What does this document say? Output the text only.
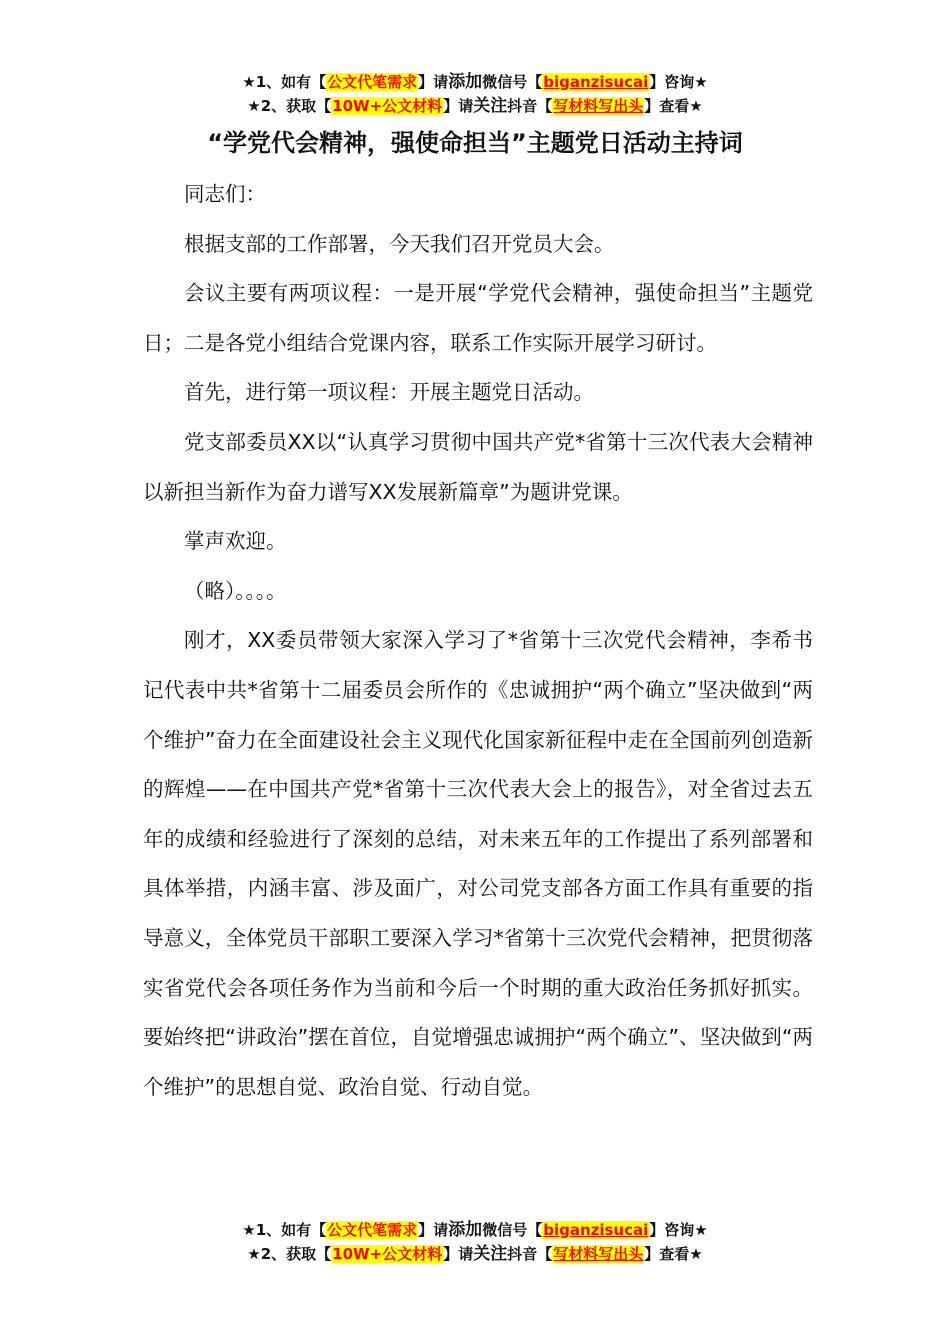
★1、如有【公文代笔需求】请添加微信号【biganzisucai】咨询★
★2、获取【10W+公文材料】请关注抖音【写材料写出头】查看★
“学党代会精神，强使命担当”主题党日活动主持词

同志们：

根据支部的工作部署，今天我们召开党员大会。

会议主要有两项议程：一是开展“学党代会精神，强使命担当”主题党日；二是各党小组结合党课内容，联系工作实际开展学习研讨。

首先，进行第一项议程：开展主题党日活动。

党支部委员XX以“认真学习贯彻中国共产党*省第十三次代表大会精神以新担当新作为奋力谱写XX发展新篇章”为题讲党课。

掌声欢迎。

（略）。。。。

刚才，XX委员带领大家深入学习了*省第十三次党代会精神，李希书记代表中共*省第十二届委员会所作的《忠诚拥护“两个确立”坚决做到“两个维护”奋力在全面建设社会主义现代化国家新征程中走在全国前列创造新的辉煌——在中国共产党*省第十三次代表大会上的报告》，对全省过去五年的成绩和经验进行了深刻的总结，对未来五年的工作提出了系列部署和具体举措，内涵丰富、涉及面广，对公司党支部各方面工作具有重要的指导意义，全体党员干部职工要深入学习*省第十三次党代会精神，把贯彻落实省党代会各项任务作为当前和今后一个时期的重大政治任务抓好抓实。要始终把“讲政治”摆在首位，自觉增强忠诚拥护“两个确立”、坚决做到“两个维护”的思想自觉、政治自觉、行动自觉。

★1、如有【公文代笔需求】请添加微信号【biganzisucai】咨询★
★2、获取【10W+公文材料】请关注抖音【写材料写出头】查看★
